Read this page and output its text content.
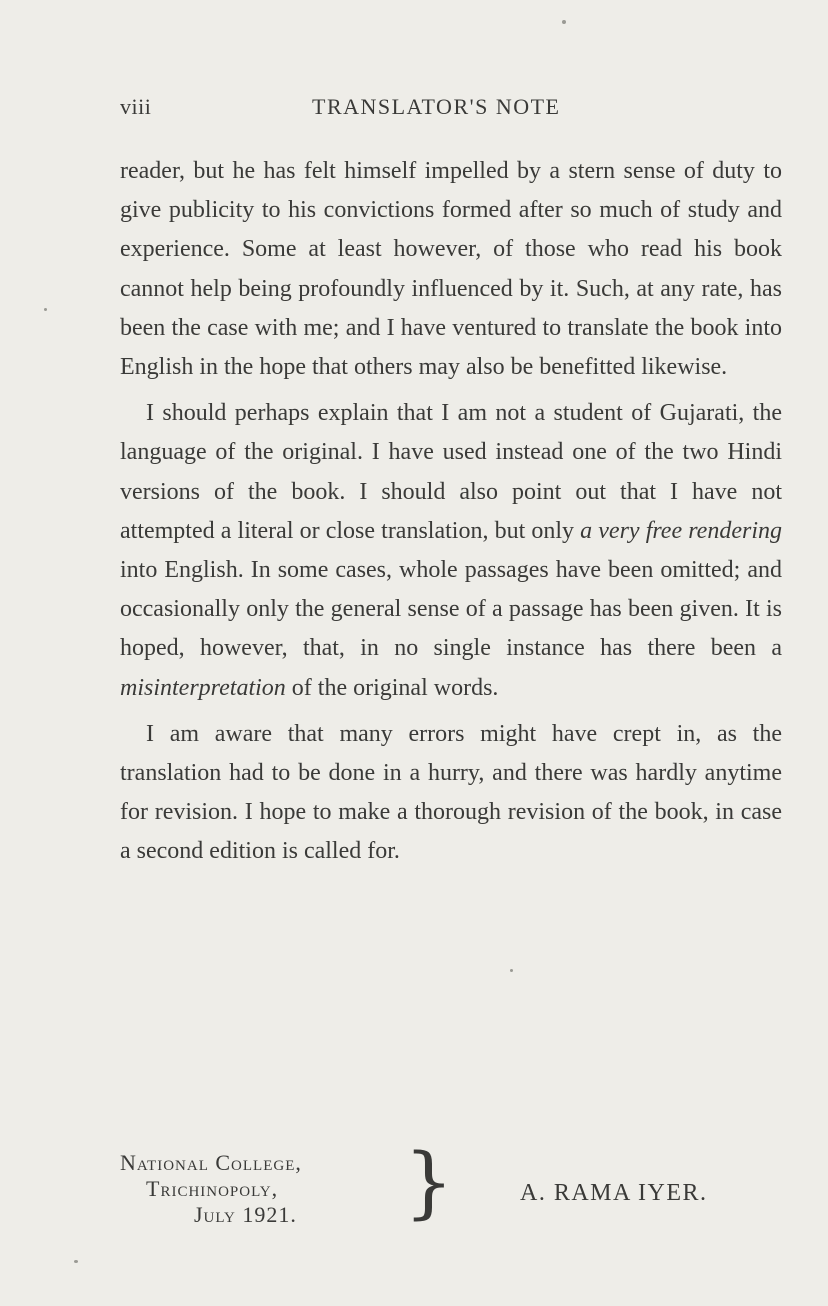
viii	TRANSLATOR'S NOTE

reader, but he has felt himself impelled by a stern sense of duty to give publicity to his convictions formed after so much of study and experience. Some at least however, of those who read his book cannot help being profoundly influenced by it. Such, at any rate, has been the case with me; and I have ventured to translate the book into English in the hope that others may also be benefitted likewise.

I should perhaps explain that I am not a student of Gujarati, the language of the original. I have used instead one of the two Hindi versions of the book. I should also point out that I have not attempted a literal or close translation, but only a very free rendering into English. In some cases, whole passages have been omitted; and occasionally only the general sense of a passage has been given. It is hoped, however, that, in no single instance has there been a misinterpretation of the original words.

I am aware that many errors might have crept in, as the translation had to be done in a hurry, and there was hardly anytime for revision. I hope to make a thorough revision of the book, in case a second edition is called for.

National College,
Trichinopoly,
July 1921. }	A. RAMA IYER.
